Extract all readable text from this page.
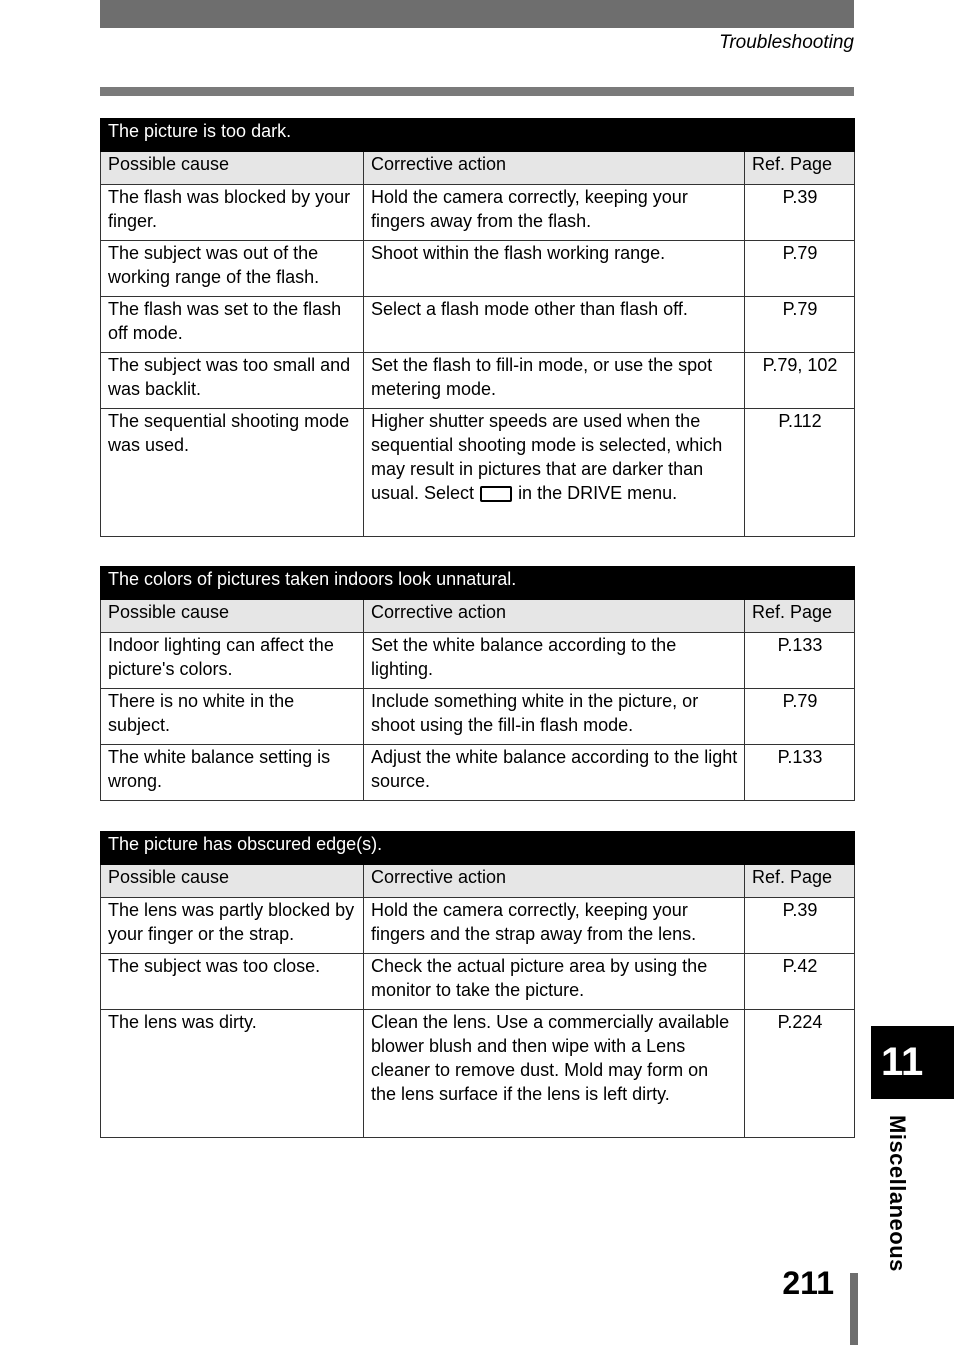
Troubleshooting
The picture is too dark.		
Possible cause	Corrective action	Ref. Page
The flash was blocked by your finger.	Hold the camera correctly, keeping your fingers away from the flash.	P.39
The subject was out of the working range of the flash.	Shoot within the flash working range.	P.79
The flash was set to the flash off mode.	Select a flash mode other than flash off.	P.79
The subject was too small and was backlit.	Set the flash to fill-in mode, or use the spot metering mode.	P.79, 102
The sequential shooting mode was used.	Higher shutter speeds are used when the sequential shooting mode is selected, which may result in pictures that are darker than usual. Select in the DRIVE menu.	P.112
The colors of pictures taken indoors look unnatural.		
Possible cause	Corrective action	Ref. Page
Indoor lighting can affect the picture's colors.	Set the white balance according to the lighting.	P.133
There is no white in the subject.	Include something white in the picture, or shoot using the fill-in flash mode.	P.79
The white balance setting is wrong.	Adjust the white balance according to the light source.	P.133
The picture has obscured edge(s).		
Possible cause	Corrective action	Ref. Page
The lens was partly blocked by your finger or the strap.	Hold the camera correctly, keeping your fingers and the strap away from the lens.	P.39
The subject was too close.	Check the actual picture area by using the monitor to take the picture.	P.42
The lens was dirty.	Clean the lens. Use a commercially available blower blush and then wipe with a Lens cleaner to remove dust. Mold may form on the lens surface if the lens is left dirty.	P.224
11
Miscellaneous
211
